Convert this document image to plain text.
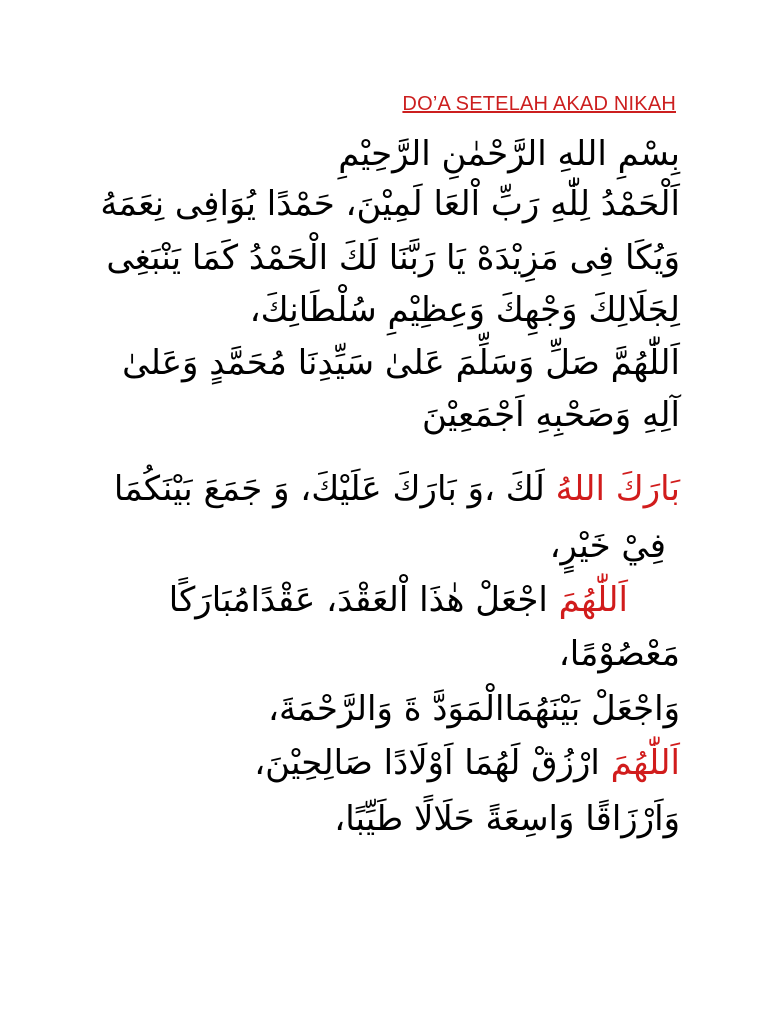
DO’A SETELAH AKAD NIKAH
بِسْمِ اللهِ الرَّحْمٰنِ الرَّحِيْمِ
اَلْحَمْدُ لِلّٰهِ رَبِّ اْلعَا لَمِيْنَ، حَمْدًا يُوَافِى نِعَمَهُ
وَيُكَا فِى مَزِيْدَهْ يَا رَبَّنَا لَكَ الْحَمْدُ كَمَا يَنْبَغِى
لِجَلَالِكَ وَجْهِكَ وَعِظِيْمِ سُلْطَانِكَ،
اَللّٰهُمَّ صَلِّ وَسَلِّمَ عَلىٰ سَيِّدِنَا مُحَمَّدٍ وَعَلىٰ
آلِهِ وَصَحْبِهِ اَجْمَعِيْنَ
بَارَكَ اللهُ لَكَ ،وَ بَارَكَ عَلَيْكَ، وَ جَمَعَ بَيْنَكُمَا
فِيْ خَيْرٍ،
اَللّٰهُمَ اجْعَلْ هٰذَا اْلعَقْدَ، عَقْدًامُبَارَكًا
مَعْصُوْمًا،
وَاجْعَلْ بَيْنَهُمَاالْمَوَدَّ ةَ وَالرَّحْمَةَ،
اَللّٰهُمَ ارْزُقْ لَهُمَا اَوْلَادًا صَالِحِيْنَ،
وَاَرْزَاقًا وَاسِعَةً حَلَالًا طَيِّبًا،
